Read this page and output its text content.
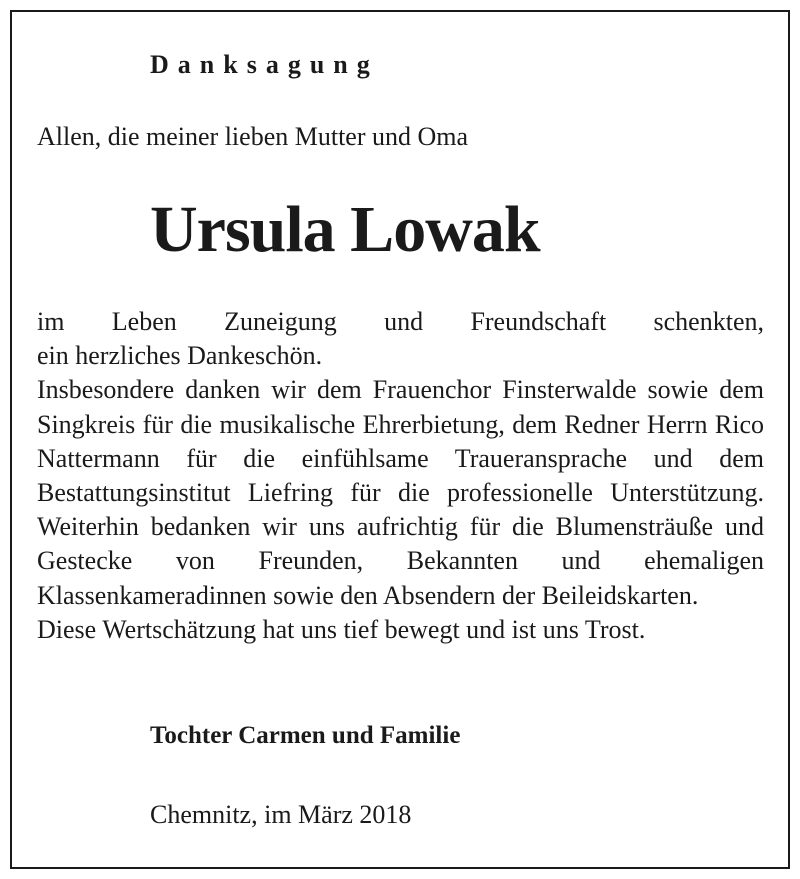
Danksagung

Allen, die meiner lieben Mutter und Oma

Ursula Lowak

im Leben Zuneigung und Freundschaft schenkten,

ein herzliches Dankeschön.

Insbesondere danken wir dem Frauenchor Finsterwalde sowie dem Singkreis für die musikalische Ehrerbietung, dem Redner Herrn Rico Nattermann für die einfühlsame Traueransprache und dem Bestattungsinstitut Liefring für die professionelle Unterstützung. Weiterhin bedanken wir uns aufrichtig für die Blumensträuße und Gestecke von Freunden, Bekannten und ehemaligen Klassenkameradinnen sowie den Absendern der Beileidskarten.

Diese Wertschätzung hat uns tief bewegt und ist uns Trost.

Tochter Carmen und Familie

Chemnitz, im März 2018
